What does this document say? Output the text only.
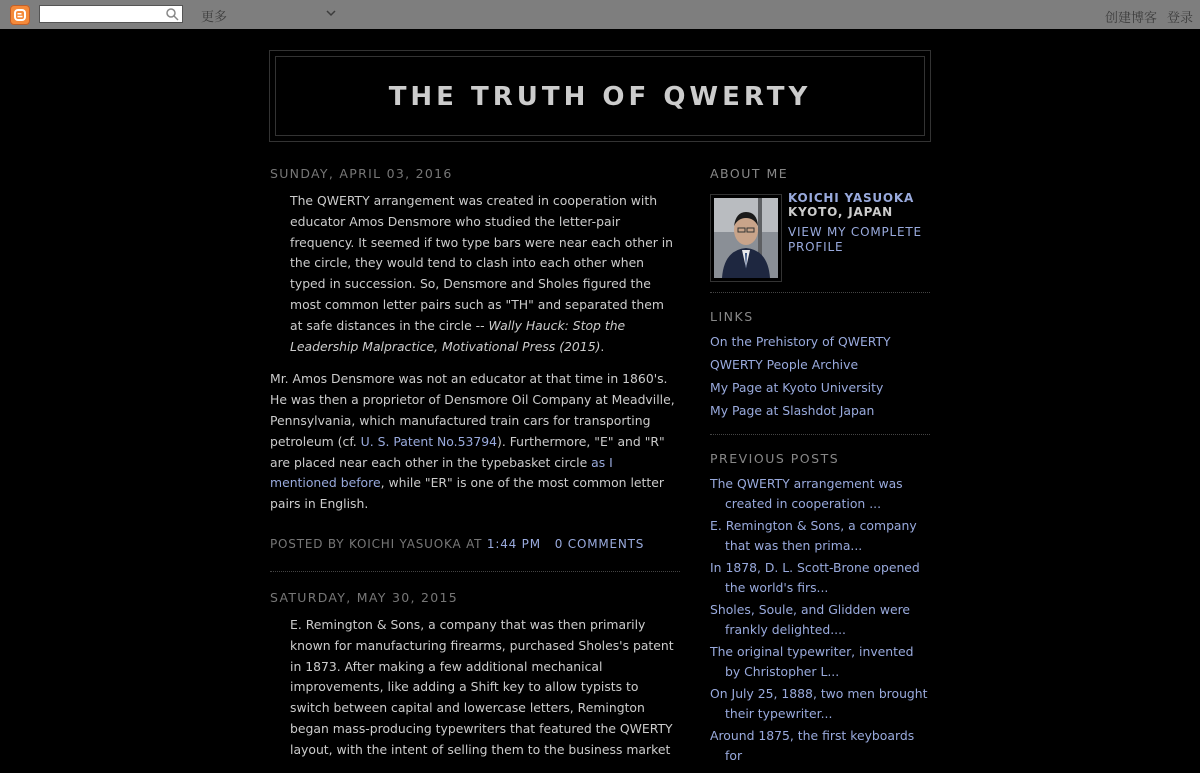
更多	创建博客 登录
THE TRUTH OF QWERTY
SUNDAY, APRIL 03, 2016
The QWERTY arrangement was created in cooperation with educator Amos Densmore who studied the letter-pair frequency. It seemed if two type bars were near each other in the circle, they would tend to clash into each other when typed in succession. So, Densmore and Sholes figured the most common letter pairs such as "TH" and separated them at safe distances in the circle -- Wally Hauck: Stop the Leadership Malpractice, Motivational Press (2015).

Mr. Amos Densmore was not an educator at that time in 1860's. He was then a proprietor of Densmore Oil Company at Meadville, Pennsylvania, which manufactured train cars for transporting petroleum (cf. U. S. Patent No.53794). Furthermore, "E" and "R" are placed near each other in the typebasket circle as I mentioned before, while "ER" is one of the most common letter pairs in English.

POSTED BY KOICHI YASUOKA AT 1:44 PM 0 COMMENTS
SATURDAY, MAY 30, 2015
E. Remington & Sons, a company that was then primarily known for manufacturing firearms, purchased Sholes's patent in 1873. After making a few additional mechanical improvements, like adding a Shift key to allow typists to switch between capital and lowercase letters, Remington began mass-producing typewriters that featured the QWERTY layout, with the intent of selling them to the business market
ABOUT ME
KOICHI YASUOKA
KYOTO, JAPAN
VIEW MY COMPLETE PROFILE
LINKS
On the Prehistory of QWERTY
QWERTY People Archive
My Page at Kyoto University
My Page at Slashdot Japan
PREVIOUS POSTS
The QWERTY arrangement was created in cooperation ...
E. Remington & Sons, a company that was then prima...
In 1878, D. L. Scott-Brone opened the world's firs...
Sholes, Soule, and Glidden were frankly delighted....
The original typewriter, invented by Christopher L...
On July 25, 1888, two men brought their typewriter...
Around 1875, the first keyboards for
